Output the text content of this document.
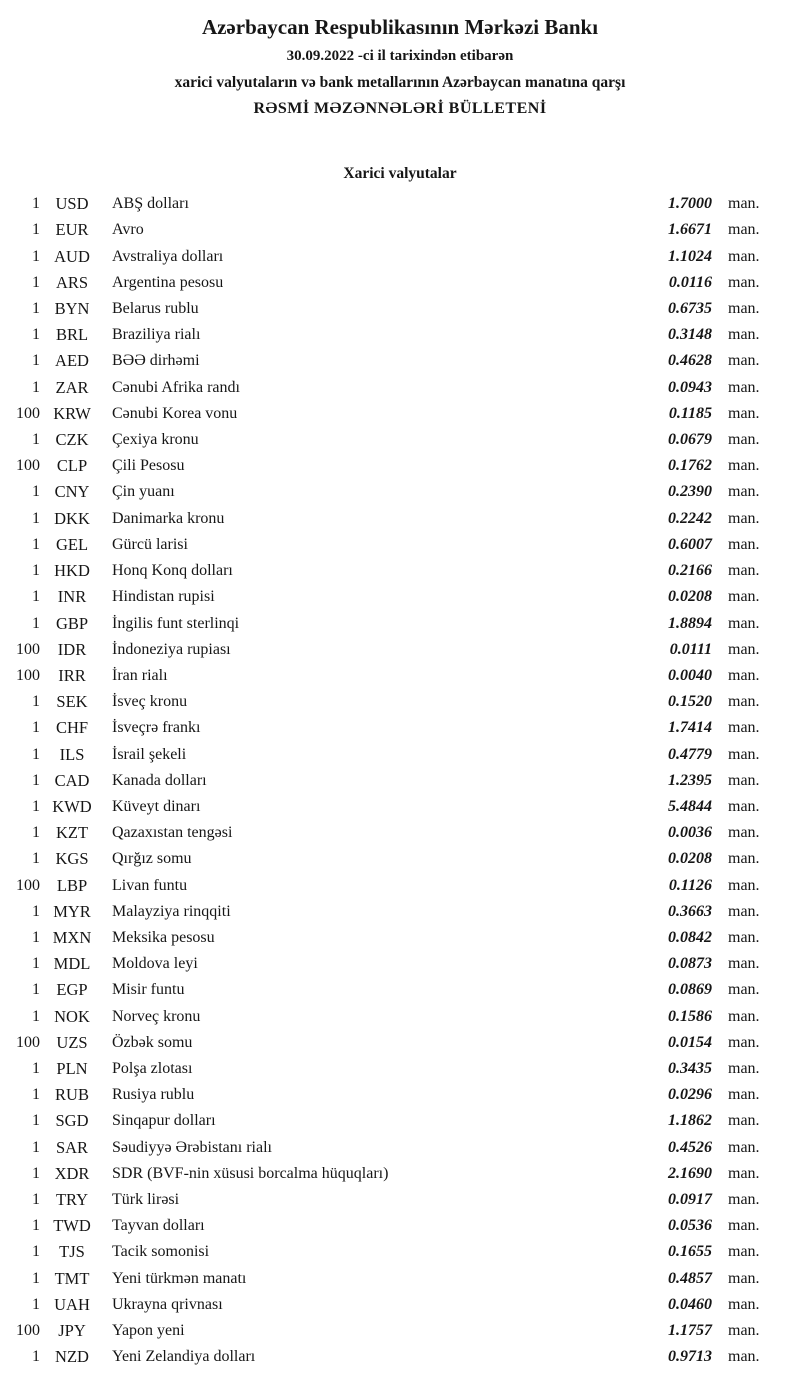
Azərbaycan Respublikasının Mərkəzi Bankı
30.09.2022 -ci il tarixindən etibarən
xarici valyutaların və bank metallarının Azərbaycan manatına qarşı
RƏSMİ MƏZƏNNƏLƏRİ BÜLLETENİ
Xarici valyutalar
1 USD	ABŞ dolları	1.7000	man.
1 EUR	Avro	1.6671	man.
1 AUD	Avstraliya dolları	1.1024	man.
1 ARS	Argentina pesosu	0.0116	man.
1 BYN	Belarus rublu	0.6735	man.
1 BRL	Braziliya rialı	0.3148	man.
1 AED	BƏƏ dirhəmi	0.4628	man.
1 ZAR	Cənubi Afrika randı	0.0943	man.
100 KRW	Cənubi Korea vonu	0.1185	man.
1 CZK	Çexiya kronu	0.0679	man.
100	CLP	Çili Pesosu	0.1762	man.
1 CNY	Çin yuanı	0.2390	man.
1 DKK	Danimarka kronu	0.2242	man.
1 GEL	Gürcü larisi	0.6007	man.
1 HKD	Honq Konq dolları	0.2166	man.
1	INR	Hindistan rupisi	0.0208	man.
1 GBP	İngilis funt sterlinqi	1.8894	man.
100	IDR	İndoneziya rupiası	0.0111	man.
100	IRR	İran rialı	0.0040	man.
1 SEK	İsveç kronu	0.1520	man.
1 CHF	İsveçrə frankı	1.7414	man.
1	ILS	İsrail şekeli	0.4779	man.
1 CAD	Kanada dolları	1.2395	man.
1 KWD	Küveyt dinarı	5.4844	man.
1 KZT	Qazaxıstan tengəsi	0.0036	man.
1 KGS	Qırğız somu	0.0208	man.
100	LBP	Livan funtu	0.1126	man.
1 MYR	Malayziya rinqqiti	0.3663	man.
1 MXN	Meksika pesosu	0.0842	man.
1 MDL	Moldova leyi	0.0873	man.
1 EGP	Misir funtu	0.0869	man.
1 NOK	Norveç kronu	0.1586	man.
100 UZS	Özbək somu	0.0154	man.
1 PLN	Polşa zlotası	0.3435	man.
1 RUB	Rusiya rublu	0.0296	man.
1 SGD	Sinqapur dolları	1.1862	man.
1 SAR	Səudiyyə Ərəbistanı rialı	0.4526	man.
1 XDR	SDR (BVF-nin xüsusi borcalma hüquqları)	2.1690	man.
1 TRY	Türk lirəsi	0.0917	man.
1 TWD	Tayvan dolları	0.0536	man.
1	TJS	Tacik somonisi	0.1655	man.
1 TMT	Yeni türkmən manatı	0.4857	man.
1 UAH	Ukrayna qrivnası	0.0460	man.
100	JPY	Yapon yeni	1.1757	man.
1 NZD	Yeni Zelandiya dolları	0.9713	man.
